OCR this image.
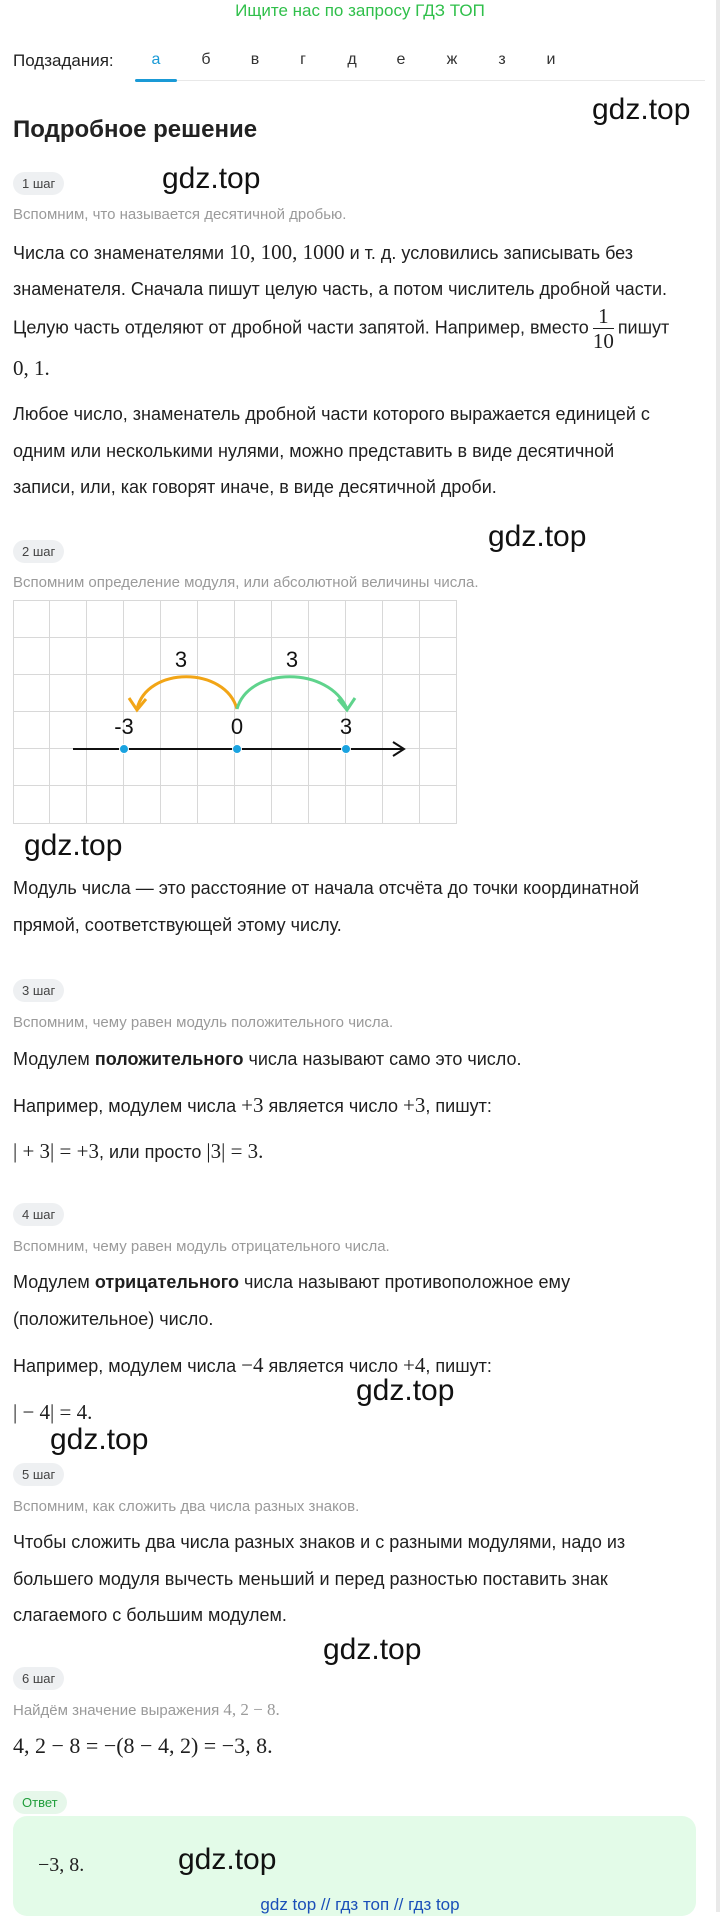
Ищите нас по запросу ГДЗ ТОП
Подзадания:	а	б	в	г	д	е	ж	з	и
Подробное решение
gdz.top
1 шаг	gdz.top
Вспомним, что называется десятичной дробью.
Числа со знаменателями 10, 100, 1000 и т. д. условились записывать без
знаменателя. Сначала пишут целую часть, а потом числитель дробной части.
Целую часть отделяют от дробной части запятой. Например, вместо $\frac{1}{10}$ пишут
0, 1.
Любое число, знаменатель дробной части которого выражается единицей с
одним или несколькими нулями, можно представить в виде десятичной
записи, или, как говорят иначе, в виде десятичной дроби.
2 шаг	gdz.top
Вспомним определение модуля, или абсолютной величины числа.
-3	0	3
3	3
gdz.top
Модуль числа — это расстояние от начала отсчёта до точки координатной
прямой, соответствующей этому числу.
3 шаг
Вспомним, чему равен модуль положительного числа.
Модулем положительного числа называют само это число.
Например, модулем числа +3 является число +3, пишут:
| + 3| = +3, или просто |3| = 3.
4 шаг
Вспомним, чему равен модуль отрицательного числа.
Модулем отрицательного числа называют противоположное ему
(положительное) число.
Например, модулем числа −4 является число +4, пишут:
gdz.top
| − 4| = 4.
gdz.top
5 шаг
Вспомним, как сложить два числа разных знаков.
Чтобы сложить два числа разных знаков и с разными модулями, надо из
большего модуля вычесть меньший и перед разностью поставить знак
слагаемого с большим модулем.
gdz.top
6 шаг
Найдём значение выражения 4, 2 − 8.
4, 2 − 8 = −(8 − 4, 2) = −3, 8.
Ответ
−3, 8.	gdz.top
gdz top // гдз топ // гдз top
